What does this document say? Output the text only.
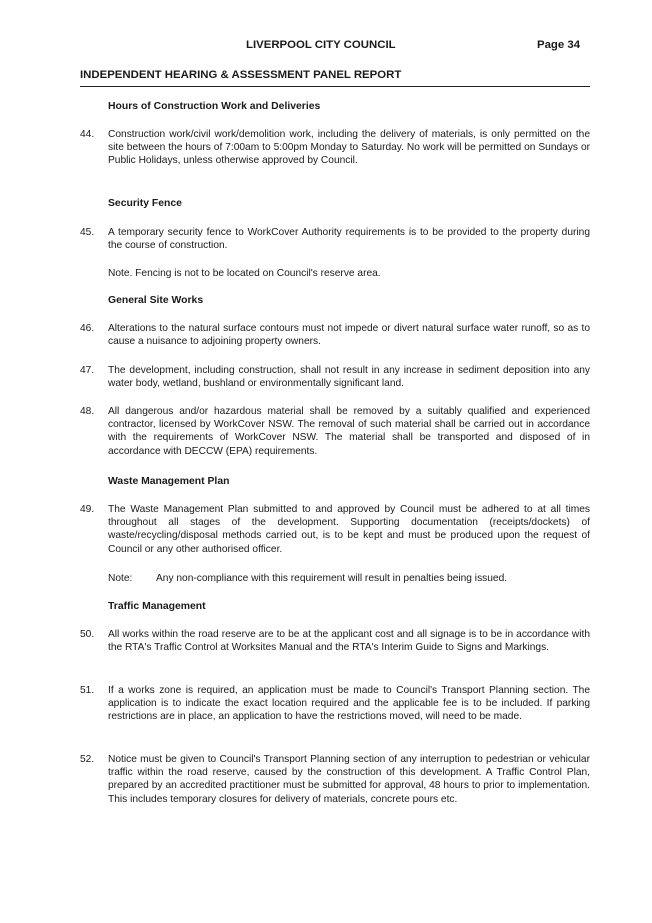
LIVERPOOL CITY COUNCIL	Page 34
INDEPENDENT HEARING & ASSESSMENT PANEL REPORT
Hours of Construction Work and Deliveries
44. Construction work/civil work/demolition work, including the delivery of materials, is only permitted on the site between the hours of 7:00am to 5:00pm Monday to Saturday. No work will be permitted on Sundays or Public Holidays, unless otherwise approved by Council.
Security Fence
45. A temporary security fence to WorkCover Authority requirements is to be provided to the property during the course of construction.
Note. Fencing is not to be located on Council's reserve area.
General Site Works
46. Alterations to the natural surface contours must not impede or divert natural surface water runoff, so as to cause a nuisance to adjoining property owners.
47. The development, including construction, shall not result in any increase in sediment deposition into any water body, wetland, bushland or environmentally significant land.
48. All dangerous and/or hazardous material shall be removed by a suitably qualified and experienced contractor, licensed by WorkCover NSW. The removal of such material shall be carried out in accordance with the requirements of WorkCover NSW. The material shall be transported and disposed of in accordance with DECCW (EPA) requirements.
Waste Management Plan
49. The Waste Management Plan submitted to and approved by Council must be adhered to at all times throughout all stages of the development. Supporting documentation (receipts/dockets) of waste/recycling/disposal methods carried out, is to be kept and must be produced upon the request of Council or any other authorised officer.
Note: Any non-compliance with this requirement will result in penalties being issued.
Traffic Management
50. All works within the road reserve are to be at the applicant cost and all signage is to be in accordance with the RTA's Traffic Control at Worksites Manual and the RTA's Interim Guide to Signs and Markings.
51. If a works zone is required, an application must be made to Council's Transport Planning section. The application is to indicate the exact location required and the applicable fee is to be included. If parking restrictions are in place, an application to have the restrictions moved, will need to be made.
52. Notice must be given to Council's Transport Planning section of any interruption to pedestrian or vehicular traffic within the road reserve, caused by the construction of this development. A Traffic Control Plan, prepared by an accredited practitioner must be submitted for approval, 48 hours to prior to implementation. This includes temporary closures for delivery of materials, concrete pours etc.
